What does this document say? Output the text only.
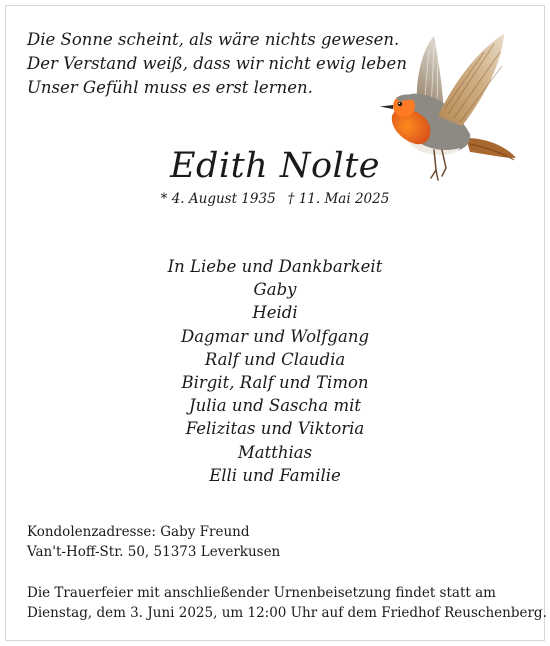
Die Sonne scheint, als wäre nichts gewesen.
Der Verstand weiß, dass wir nicht ewig leben
Unser Gefühl muss es erst lernen.
Edith Nolte
* 4. August 1935 † 11. Mai 2025
In Liebe und Dankbarkeit
Gaby
Heidi
Dagmar und Wolfgang
Ralf und Claudia
Birgit, Ralf und Timon
Julia und Sascha mit
Felizitas und Viktoria
Matthias
Elli und Familie
Kondolenzadresse: Gaby Freund
Van't-Hoff-Str. 50, 51373 Leverkusen
Die Trauerfeier mit anschließender Urnenbeisetzung findet statt am
Dienstag, dem 3. Juni 2025, um 12:00 Uhr auf dem Friedhof Reuschenberg.
